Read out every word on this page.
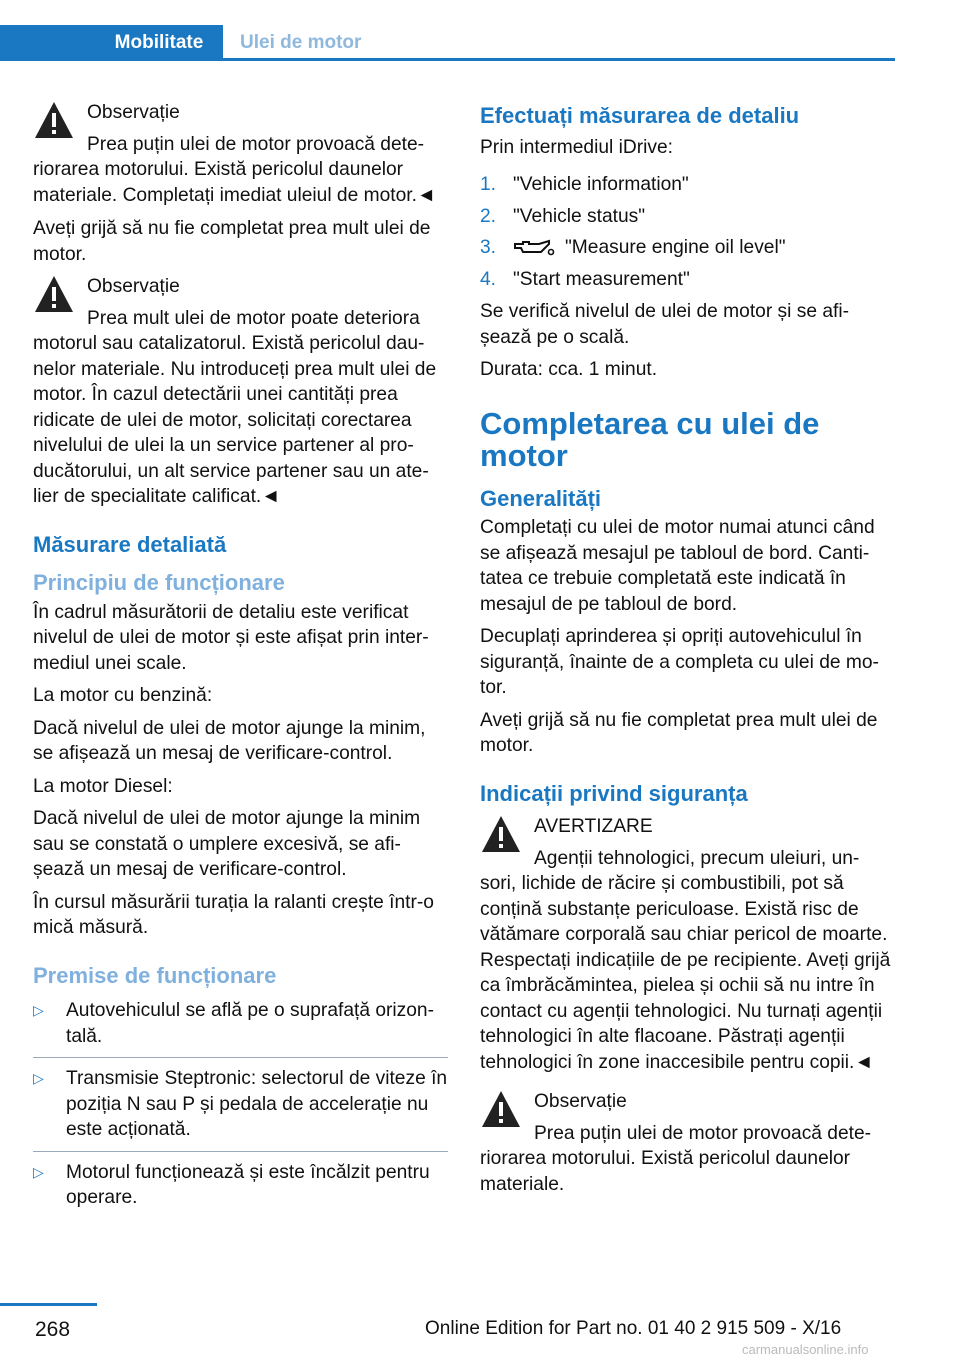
Mobilitate	Ulei de motor
Observație
Prea puțin ulei de motor provoacă dete-riorarea motorului. Există pericolul daunelor materiale. Completați imediat uleiul de motor.◄

Aveți grijă să nu fie completat prea mult ulei de motor.

Observație
Prea mult ulei de motor poate deteriora motorul sau catalizatorul. Există pericolul dau-nelor materiale. Nu introduceți prea mult ulei de motor. În cazul detectării unei cantități prea ridicate de ulei de motor, solicitați corectarea nivelului de ulei la un service partener al pro-ducătorului, un alt service partener sau un ate-lier de specialitate calificat.◄
Măsurare detaliată
Principiu de funcționare

În cadrul măsurătorii de detaliu este verificat nivelul de ulei de motor și este afișat prin inter-mediul unei scale.

La motor cu benzină:

Dacă nivelul de ulei de motor ajunge la minim, se afișează un mesaj de verificare-control.

La motor Diesel:

Dacă nivelul de ulei de motor ajunge la minim sau se constată o umplere excesivă, se afi-șează un mesaj de verificare-control.

În cursul măsurării turația la ralanti crește într-o mică măsură.

Premise de funcționare
▷ Autovehiculul se află pe o suprafață orizon-tală.
▷ Transmisie Steptronic: selectorul de viteze în poziția N sau P și pedala de accelerație nu este acționată.
▷ Motorul funcționează și este încălzit pentru operare.
Efectuați măsurarea de detaliu

Prin intermediul iDrive:

1. "Vehicle information"
2. "Vehicle status"
3.	"Measure engine oil level"
4. "Start measurement"

Se verifică nivelul de ulei de motor și se afi-șează pe o scală.

Durata: cca. 1 minut.

Completarea cu ulei de motor
Generalități

Completați cu ulei de motor numai atunci când se afișează mesajul pe tabloul de bord. Canti-tatea ce trebuie completată este indicată în mesajul de pe tabloul de bord.

Decuplați aprinderea și opriți autovehiculul în siguranță, înainte de a completa cu ulei de mo-tor.

Aveți grijă să nu fie completat prea mult ulei de motor.

Indicații privind siguranța
AVERTIZARE
Agenții tehnologici, precum uleiuri, un-sori, lichide de răcire și combustibili, pot să conțină substanțe periculoase. Există risc de vătămare corporală sau chiar pericol de moarte. Respectați indicațiile de pe recipiente. Aveți grijă ca îmbrăcămintea, pielea și ochii să nu intre în contact cu agenții tehnologici. Nu turnați agenții tehnologici în alte flacoane. Păstrați agenții tehnologici în zone inaccesibile pentru copii.◄
Observație
Prea puțin ulei de motor provoacă dete-riorarea motorului. Există pericolul daunelor materiale.
268	Online Edition for Part no. 01 40 2 915 509 - X/16
carmanualsonline.info
